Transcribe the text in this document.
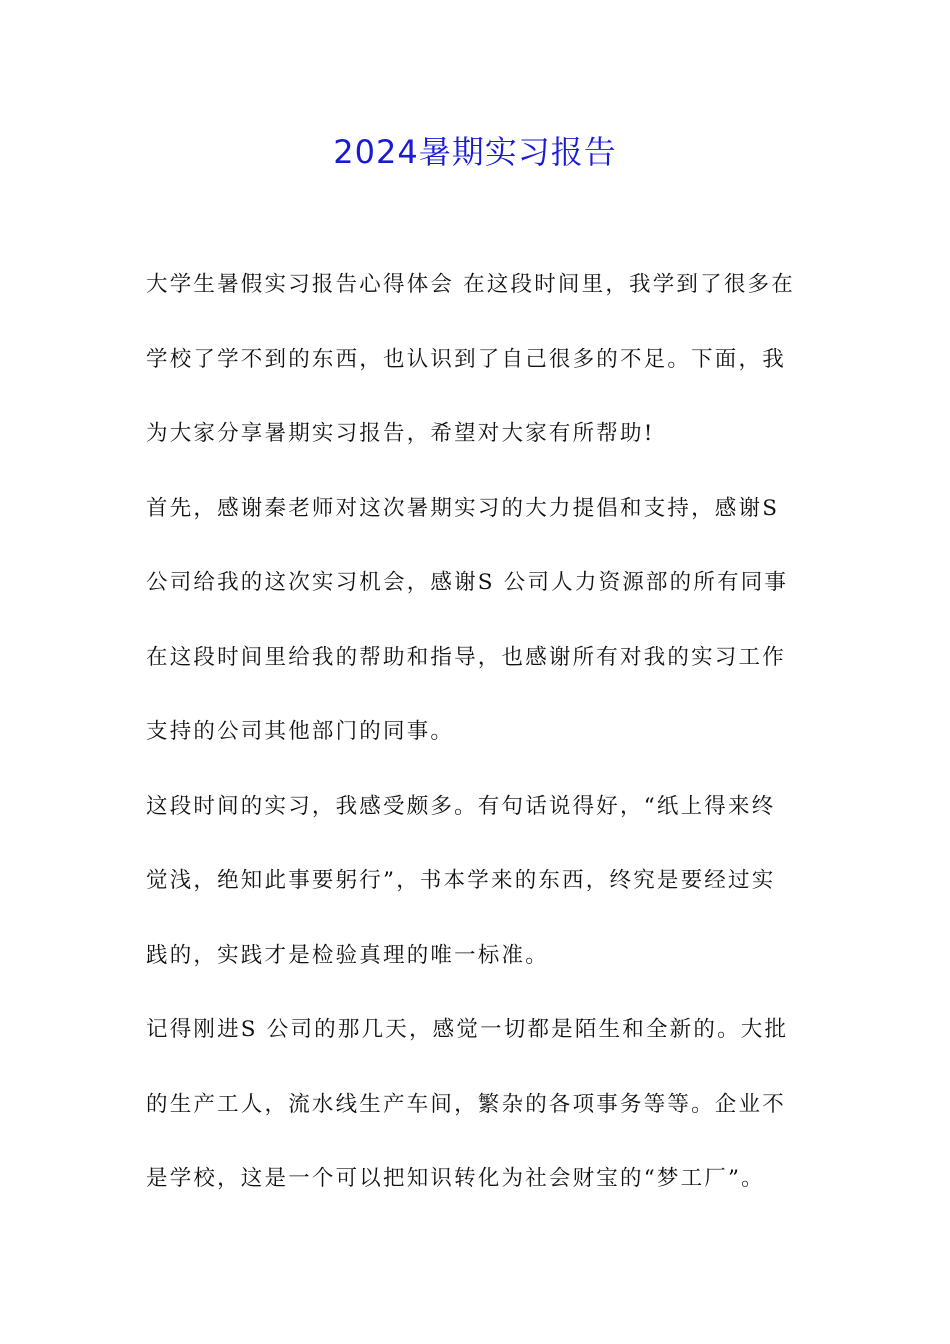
2024暑期实习报告
大学生暑假实习报告心得体会 在这段时间里，我学到了很多在
学校了学不到的东西，也认识到了自己很多的不足。下面，我
为大家分享暑期实习报告，希望对大家有所帮助!
首先，感谢秦老师对这次暑期实习的大力提倡和支持，感谢S
公司给我的这次实习机会，感谢S 公司人力资源部的所有同事
在这段时间里给我的帮助和指导，也感谢所有对我的实习工作
支持的公司其他部门的同事。
这段时间的实习，我感受颇多。有句话说得好，“纸上得来终
觉浅，绝知此事要躬行”，书本学来的东西，终究是要经过实
践的，实践才是检验真理的唯一标准。
记得刚进S 公司的那几天，感觉一切都是陌生和全新的。大批
的生产工人，流水线生产车间，繁杂的各项事务等等。企业不
是学校，这是一个可以把知识转化为社会财宝的“梦工厂”。
